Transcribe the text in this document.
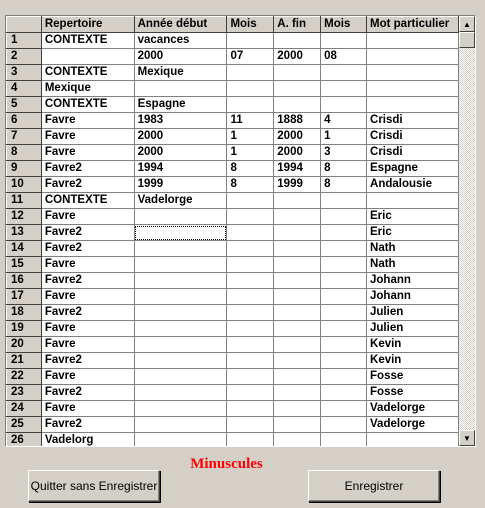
	Repertoire	Année début	Mois	A. fin	Mois	Mot particulier
1	CONTEXTE	vacances				
2		2000	07	2000	08	
3	CONTEXTE	Mexique				
4	Mexique					
5	CONTEXTE	Espagne				
6	Favre	1983	11	1888	4	Crisdi
7	Favre	2000	1	2000	1	Crisdi
8	Favre	2000	1	2000	3	Crisdi
9	Favre2	1994	8	1994	8	Espagne
10	Favre2	1999	8	1999	8	Andalousie
11	CONTEXTE	Vadelorge				
12	Favre					Eric
13	Favre2					Eric
14	Favre2					Nath
15	Favre					Nath
16	Favre2					Johann
17	Favre					Johann
18	Favre2					Julien
19	Favre					Julien
20	Favre					Kevin
21	Favre2					Kevin
22	Favre					Fosse
23	Favre2					Fosse
24	Favre					Vadelorge
25	Favre2					Vadelorge
26	Vadelorg					
▲
▼
Minuscules
Quitter sans Enregistrer	Enregistrer
